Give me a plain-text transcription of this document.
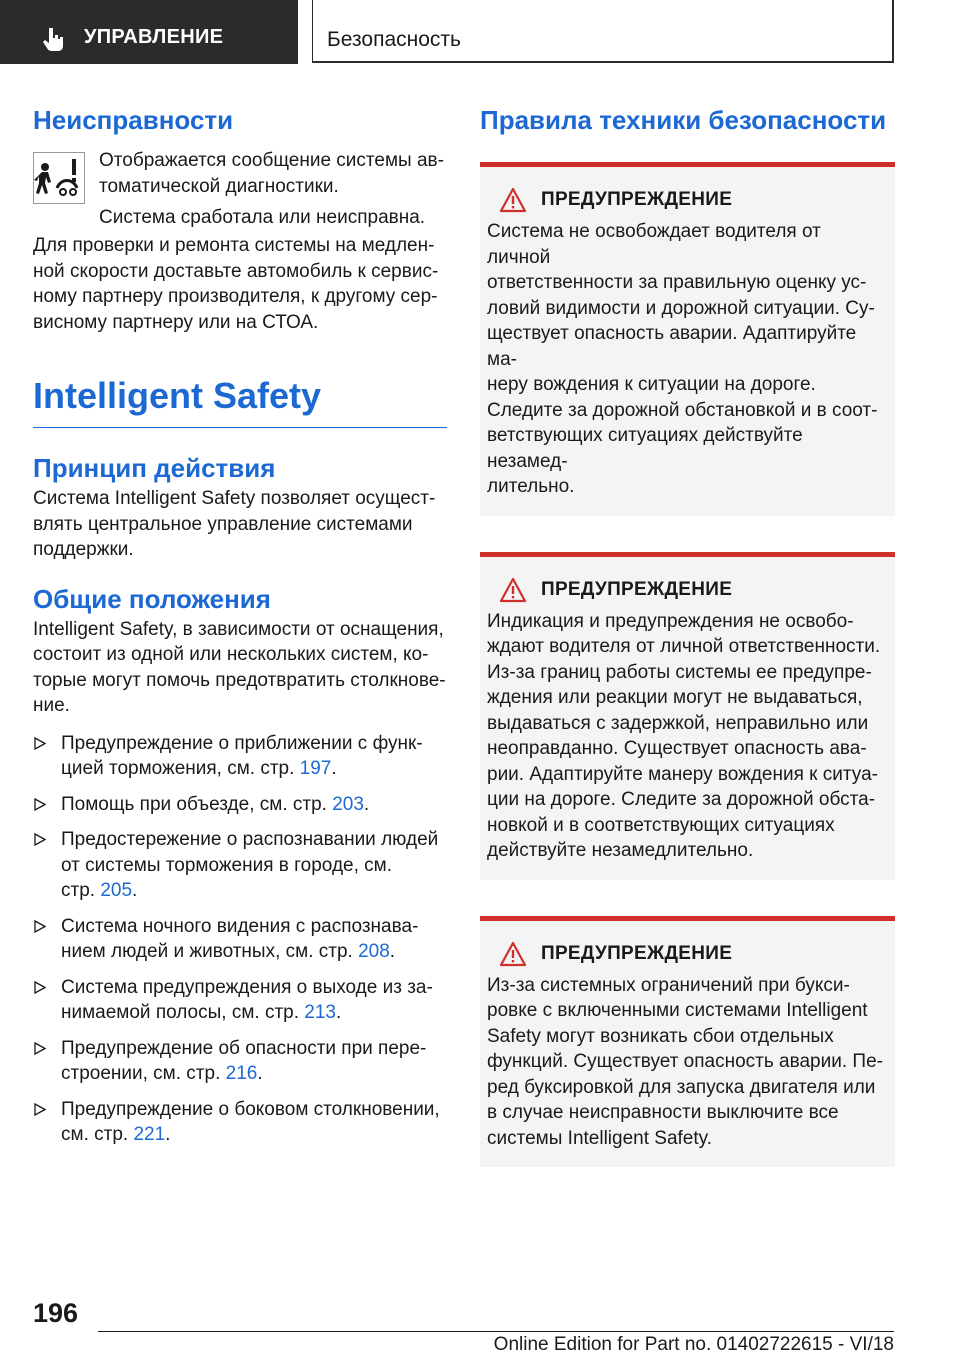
УПРАВЛЕНИЕ	Безопасность

Неисправности

Отображается сообщение системы ав-
томатической диагностики.

Система сработала или неисправна.

Для проверки и ремонта системы на медлен-
ной скорости доставьте автомобиль к сервис-
ному партнеру производителя, к другому сер-
висному партнеру или на СТОА.

Intelligent Safety

Принцип действия

Система Intelligent Safety позволяет осущест-
влять центральное управление системами
поддержки.

Общие положения

Intelligent Safety, в зависимости от оснащения,
состоит из одной или нескольких систем, ко-
торые могут помочь предотвратить столкнове-
ние.

Предупреждение о приближении с функ-
цией торможения, см. стр. 197.
Помощь при объезде, см. стр. 203.
Предостережение о распознавании людей
от системы торможения в городе, см.
стр. 205.
Система ночного видения с распознава-
нием людей и животных, см. стр. 208.
Система предупреждения о выходе из за-
нимаемой полосы, см. стр. 213.
Предупреждение об опасности при пере-
строении, см. стр. 216.
Предупреждение о боковом столкновении,
см. стр. 221.

Правила техники безопасности

ПРЕДУПРЕЖДЕНИЕ

Система не освобождает водителя от личной
ответственности за правильную оценку ус-
ловий видимости и дорожной ситуации. Су-
ществует опасность аварии. Адаптируйте ма-
неру вождения к ситуации на дороге.
Следите за дорожной обстановкой и в соот-
ветствующих ситуациях действуйте незамед-
лительно.

ПРЕДУПРЕЖДЕНИЕ

Индикация и предупреждения не освобо-
ждают водителя от личной ответственности.
Из-за границ работы системы ее предупре-
ждения или реакции могут не выдаваться,
выдаваться с задержкой, неправильно или
неоправданно. Существует опасность ава-
рии. Адаптируйте манеру вождения к ситуа-
ции на дороге. Следите за дорожной обста-
новкой и в соответствующих ситуациях
действуйте незамедлительно.

ПРЕДУПРЕЖДЕНИЕ

Из-за системных ограничений при букси-
ровке с включенными системами Intelligent
Safety могут возникать сбои отдельных
функций. Существует опасность аварии. Пе-
ред буксировкой для запуска двигателя или
в случае неисправности выключите все
системы Intelligent Safety.

196
Online Edition for Part no. 01402722615 - VI/18
